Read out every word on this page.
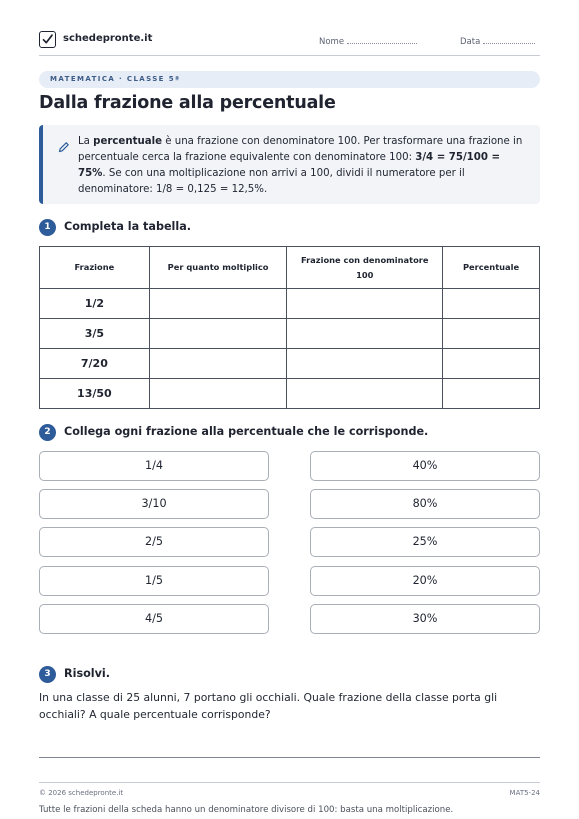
schedepronte.it	Nome	Data
MATEMATICA · CLASSE 5ª
Dalla frazione alla percentuale
La percentuale è una frazione con denominatore 100. Per trasformare una frazione in percentuale cerca la frazione equivalente con denominatore 100: 3/4 = 75/100 = 75%. Se con una moltiplicazione non arrivi a 100, dividi il numeratore per il denominatore: 1/8 = 0,125 = 12,5%.
1	Completa la tabella.
Frazione	Per quanto moltiplico	Frazione con denominatore 100	Percentuale
1/2			
3/5			
7/20			
13/50			
2	Collega ogni frazione alla percentuale che le corrisponde.
1/4
3/10
2/5
1/5
4/5
40%
80%
25%
20%
30%
3	Risolvi.
In una classe di 25 alunni, 7 portano gli occhiali. Quale frazione della classe porta gli occhiali? A quale percentuale corrisponde?
© 2026 schedepronte.it	MAT5-24
Tutte le frazioni della scheda hanno un denominatore divisore di 100: basta una moltiplicazione.
